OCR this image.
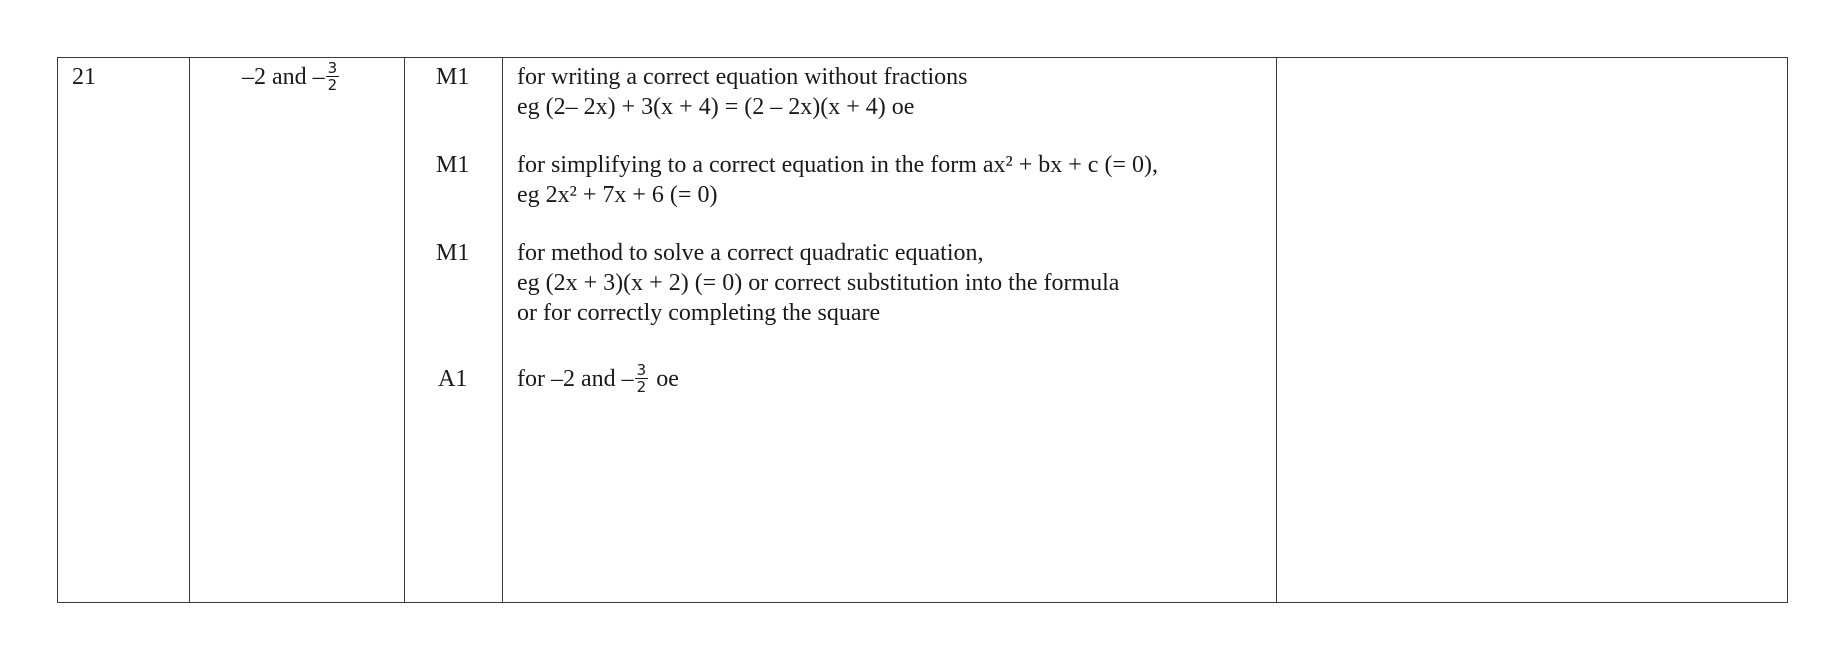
21	–2 and – $\frac{3}{2}$	M1
M1
M1
A1
for writing a correct equation without fractions
eg (2– 2x) + 3(x + 4) = (2 – 2x)(x + 4) oe
for simplifying to a correct equation in the form ax² + bx + c (= 0),
eg 2x² + 7x + 6 (= 0)
for method to solve a correct quadratic equation,
eg (2x + 3)(x + 2) (= 0) or correct substitution into the formula
or for correctly completing the square
for –2 and – $\frac{3}{2}$ oe
